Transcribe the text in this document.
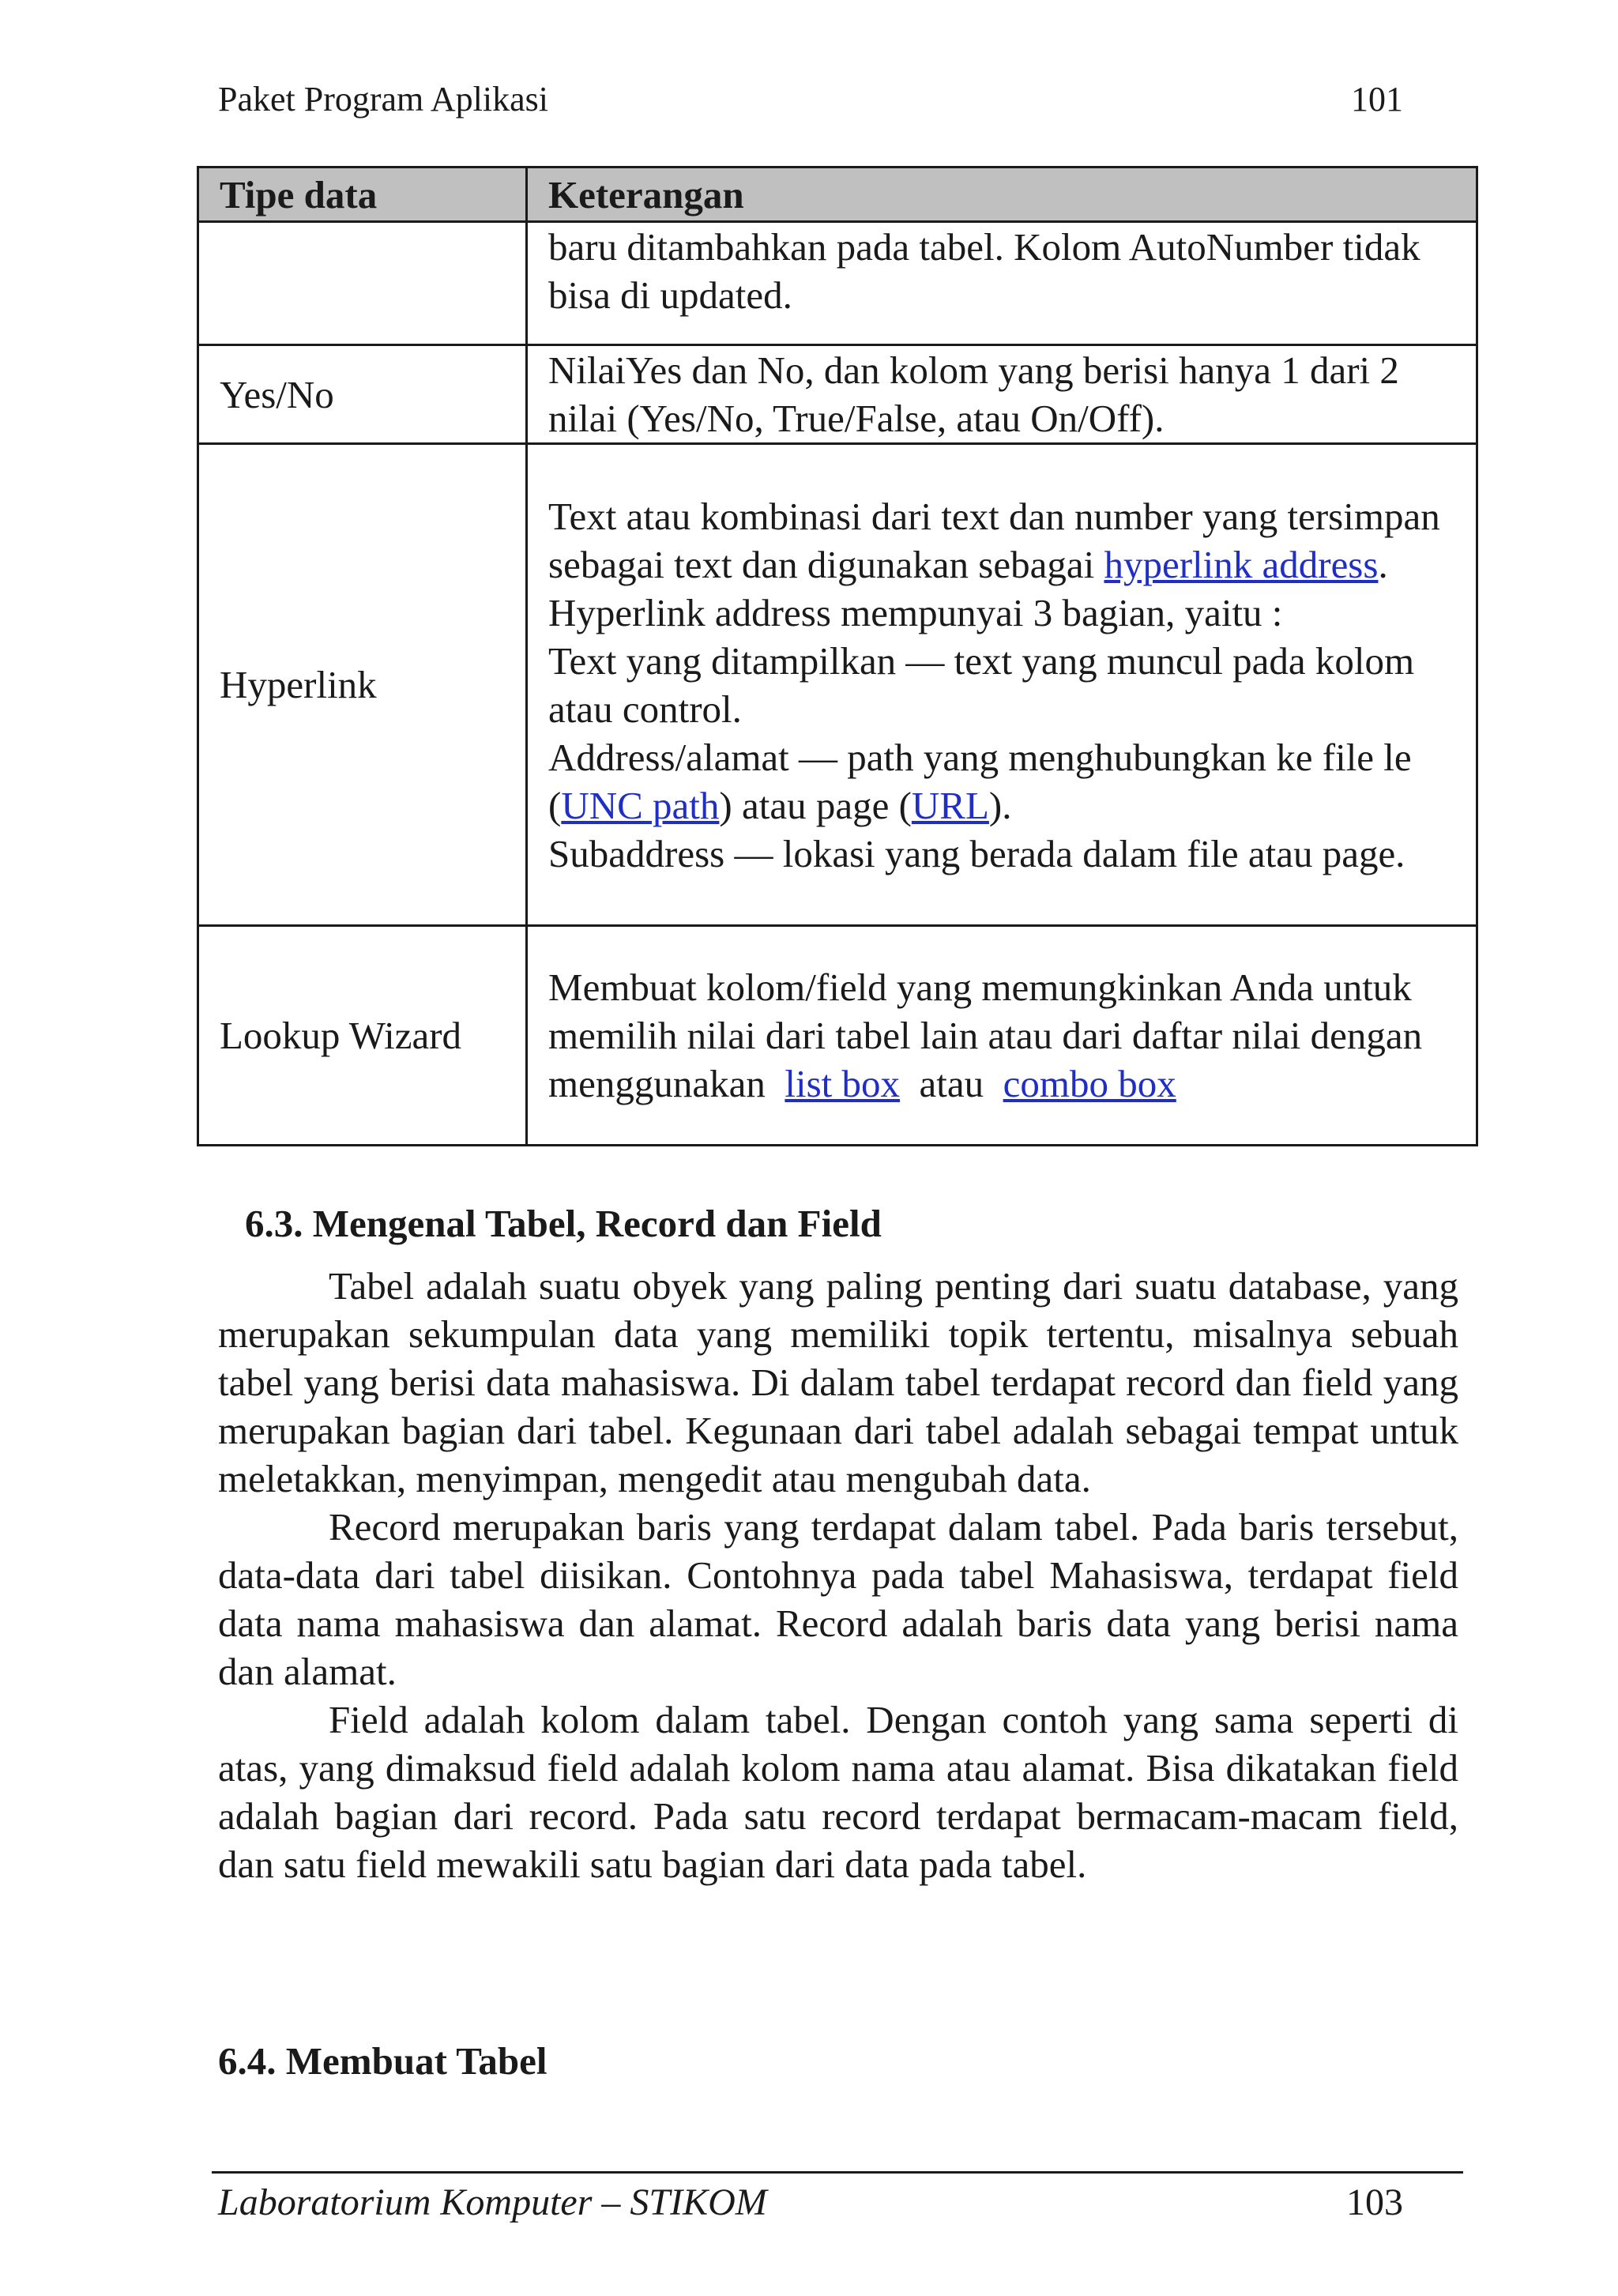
Paket Program Aplikasi	101
Tipe data	Keterangan

	baru ditambahkan pada tabel. Kolom AutoNumber tidak bisa di updated.

Yes/No	NilaiYes dan No, dan kolom yang berisi hanya 1 dari 2 nilai (Yes/No, True/False, atau On/Off).

Hyperlink	Text atau kombinasi dari text dan number yang tersimpan sebagai text dan digunakan sebagai hyperlink address. Hyperlink address mempunyai 3 bagian, yaitu :

Text yang ditampilkan — text yang muncul pada kolom atau control.

Address/alamat — path yang menghubungkan ke file le (UNC path) atau page (URL).

Subaddress — lokasi yang berada dalam file atau page.

Lookup Wizard	Membuat kolom/field yang memungkinkan Anda untuk memilih nilai dari tabel lain atau dari daftar nilai dengan menggunakan  list box  atau  combo box

6.3. Mengenal Tabel, Record dan Field

Tabel adalah suatu obyek yang paling penting dari suatu database, yang merupakan sekumpulan data yang memiliki topik tertentu, misalnya sebuah tabel yang berisi data mahasiswa. Di dalam tabel terdapat record dan field yang merupakan bagian dari tabel. Kegunaan dari tabel adalah sebagai tempat untuk meletakkan, menyimpan, mengedit atau mengubah data.

Record merupakan baris yang terdapat dalam tabel. Pada baris tersebut, data-data dari tabel diisikan. Contohnya pada tabel Mahasiswa, terdapat field data nama mahasiswa dan alamat. Record adalah baris data yang berisi nama dan alamat.

Field adalah kolom dalam tabel. Dengan contoh yang sama seperti di atas, yang dimaksud field adalah kolom nama atau alamat. Bisa dikatakan field adalah bagian dari record. Pada satu record terdapat bermacam-macam field, dan satu field mewakili satu bagian dari data pada tabel.

6.4. Membuat Tabel
Laboratorium Komputer – STIKOM	103
